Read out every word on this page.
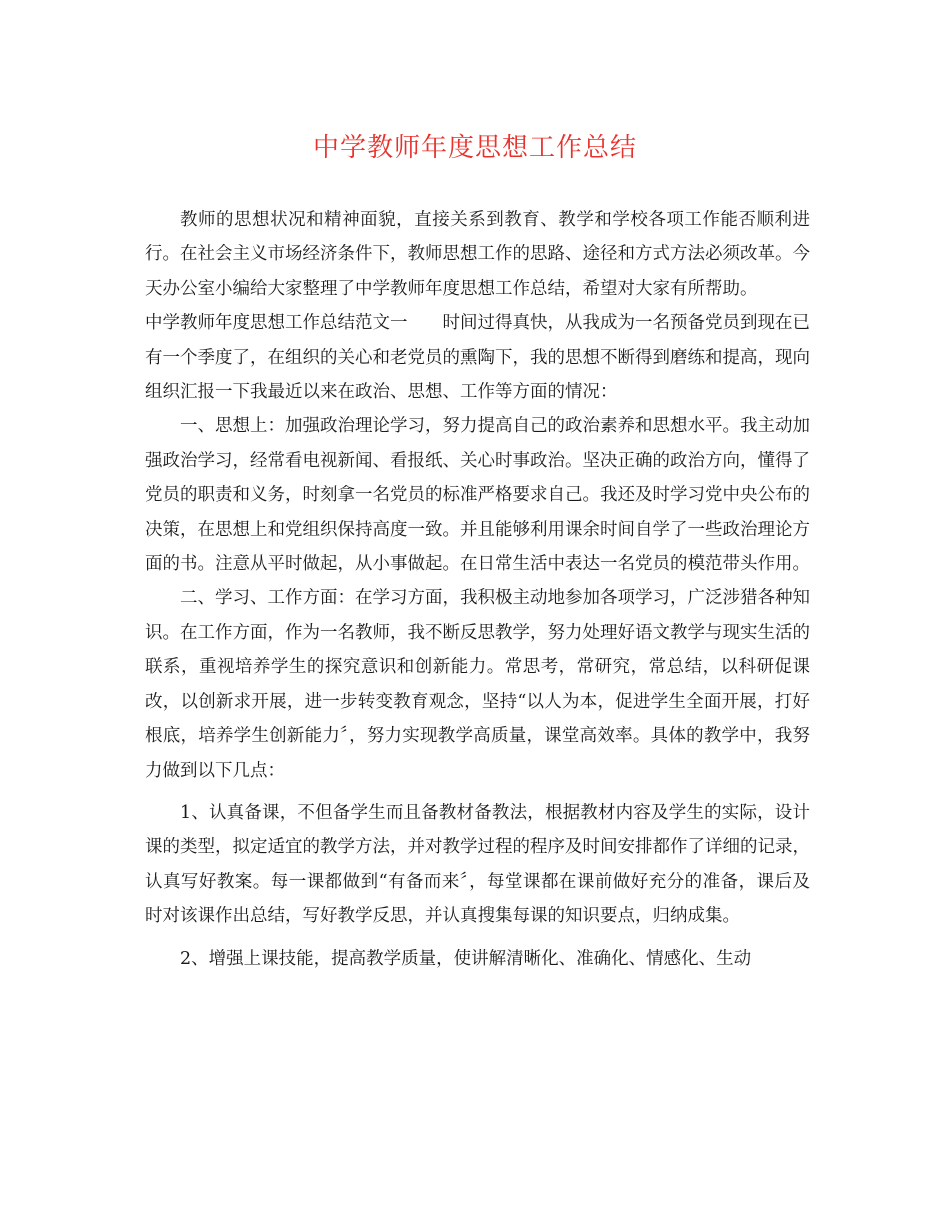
中学教师年度思想工作总结

教师的思想状况和精神面貌，直接关系到教育、教学和学校各项工作能否顺利进行。在社会主义市场经济条件下，教师思想工作的思路、途径和方式方法必须改革。今天办公室小编给大家整理了中学教师年度思想工作总结，希望对大家有所帮助。

中学教师年度思想工作总结范文一　　时间过得真快，从我成为一名预备党员到现在已有一个季度了，在组织的关心和老党员的熏陶下，我的思想不断得到磨练和提高，现向组织汇报一下我最近以来在政治、思想、工作等方面的情况：

一、思想上：加强政治理论学习，努力提高自己的政治素养和思想水平。我主动加强政治学习，经常看电视新闻、看报纸、关心时事政治。坚决正确的政治方向，懂得了党员的职责和义务，时刻拿一名党员的标准严格要求自己。我还及时学习党中央公布的决策，在思想上和党组织保持高度一致。并且能够利用课余时间自学了一些政治理论方面的书。注意从平时做起，从小事做起。在日常生活中表达一名党员的模范带头作用。

二、学习、工作方面：在学习方面，我积极主动地参加各项学习，广泛涉猎各种知识。在工作方面，作为一名教师，我不断反思教学，努力处理好语文教学与现实生活的联系，重视培养学生的探究意识和创新能力。常思考，常研究，常总结，以科研促课改，以创新求开展，进一步转变教育观念，坚持“以人为本，促进学生全面开展，打好根底，培养学生创新能力〞，努力实现教学高质量，课堂高效率。具体的教学中，我努力做到以下几点：

1、认真备课，不但备学生而且备教材备教法，根据教材内容及学生的实际，设计课的类型，拟定适宜的教学方法，并对教学过程的程序及时间安排都作了详细的记录，认真写好教案。每一课都做到“有备而来〞，每堂课都在课前做好充分的准备，课后及时对该课作出总结，写好教学反思，并认真搜集每课的知识要点，归纳成集。

2、增强上课技能，提高教学质量，使讲解清晰化、准确化、情感化、生动
